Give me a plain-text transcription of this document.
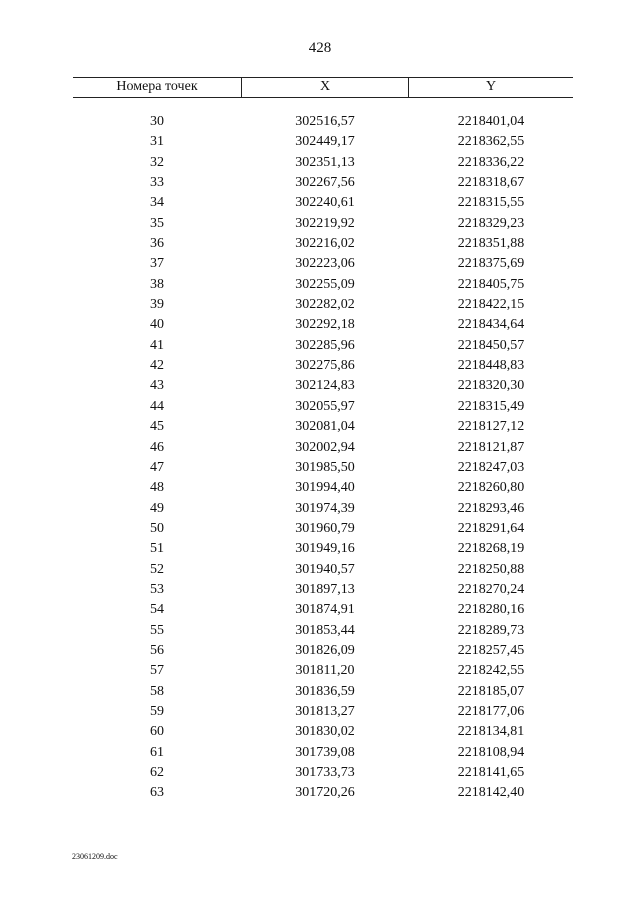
428
Номера точек	X	Y
30	302516,57	2218401,04
31	302449,17	2218362,55
32	302351,13	2218336,22
33	302267,56	2218318,67
34	302240,61	2218315,55
35	302219,92	2218329,23
36	302216,02	2218351,88
37	302223,06	2218375,69
38	302255,09	2218405,75
39	302282,02	2218422,15
40	302292,18	2218434,64
41	302285,96	2218450,57
42	302275,86	2218448,83
43	302124,83	2218320,30
44	302055,97	2218315,49
45	302081,04	2218127,12
46	302002,94	2218121,87
47	301985,50	2218247,03
48	301994,40	2218260,80
49	301974,39	2218293,46
50	301960,79	2218291,64
51	301949,16	2218268,19
52	301940,57	2218250,88
53	301897,13	2218270,24
54	301874,91	2218280,16
55	301853,44	2218289,73
56	301826,09	2218257,45
57	301811,20	2218242,55
58	301836,59	2218185,07
59	301813,27	2218177,06
60	301830,02	2218134,81
61	301739,08	2218108,94
62	301733,73	2218141,65
63	301720,26	2218142,40
23061209.doc
